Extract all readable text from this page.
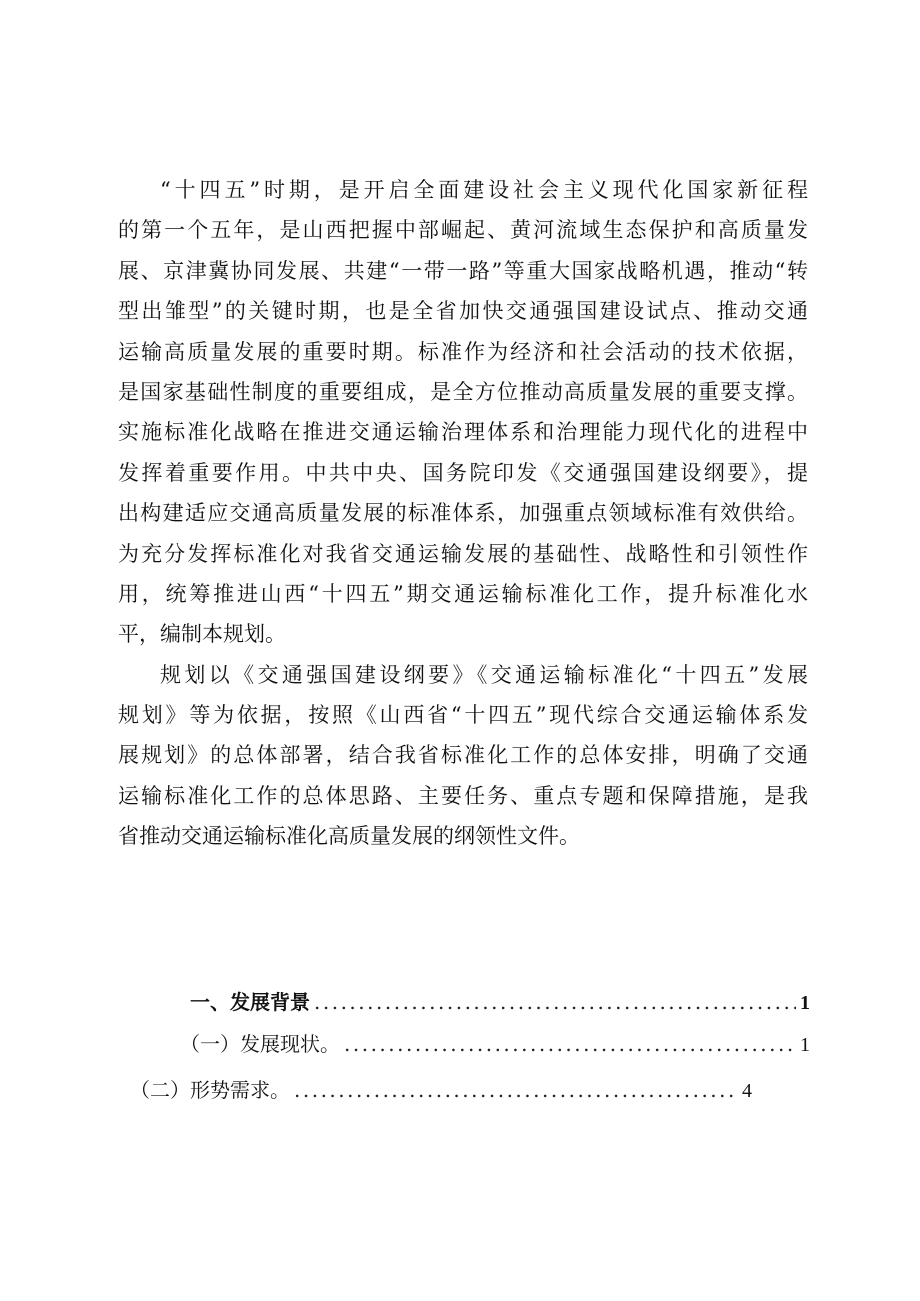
“十四五”时期，是开启全面建设社会主义现代化国家新征程
的第一个五年，是山西把握中部崛起、黄河流域生态保护和高质量发
展、京津冀协同发展、共建“一带一路”等重大国家战略机遇，推动“转
型出雏型”的关键时期，也是全省加快交通强国建设试点、推动交通
运输高质量发展的重要时期。标准作为经济和社会活动的技术依据，
是国家基础性制度的重要组成，是全方位推动高质量发展的重要支撑。
实施标准化战略在推进交通运输治理体系和治理能力现代化的进程中
发挥着重要作用。中共中央、国务院印发《交通强国建设纲要》，提
出构建适应交通高质量发展的标准体系，加强重点领域标准有效供给。
为充分发挥标准化对我省交通运输发展的基础性、战略性和引领性作
用，统筹推进山西“十四五”期交通运输标准化工作，提升标准化水
平，编制本规划。
规划以《交通强国建设纲要》《交通运输标准化“十四五”发展
规划》等为依据，按照《山西省“十四五”现代综合交通运输体系发
展规划》的总体部署，结合我省标准化工作的总体安排，明确了交通
运输标准化工作的总体思路、主要任务、重点专题和保障措施，是我
省推动交通运输标准化高质量发展的纲领性文件。
一、发展背景 .....	1
（一）发展现状。 .....	1
（二）形势需求。 .....	4
